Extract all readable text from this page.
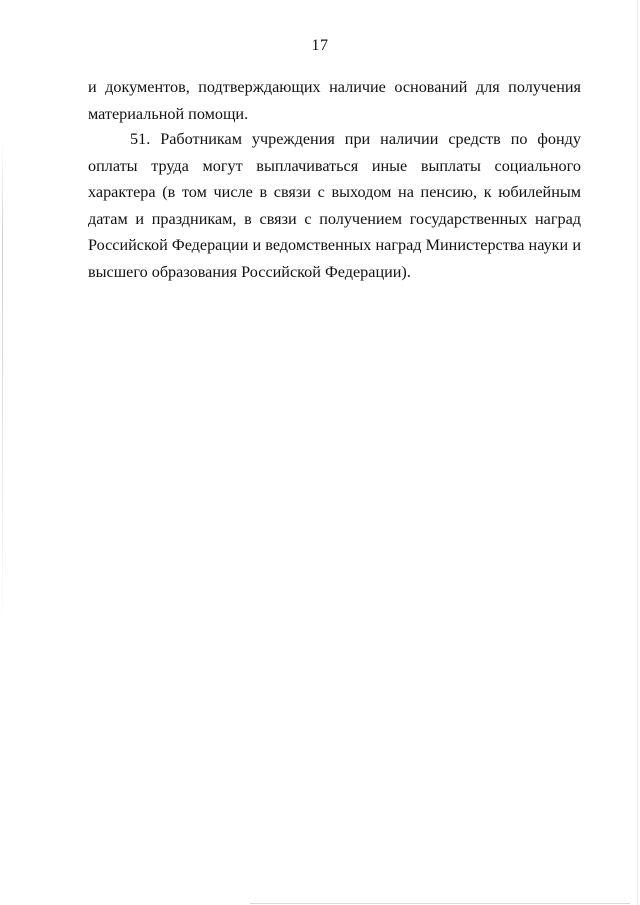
17

и документов, подтверждающих наличие оснований для получения материальной помощи.

51. Работникам учреждения при наличии средств по фонду оплаты труда могут выплачиваться иные выплаты социального характера (в том числе в связи с выходом на пенсию, к юбилейным датам и праздникам, в связи с получением государственных наград Российской Федерации и ведомственных наград Министерства науки и высшего образования Российской Федерации).
